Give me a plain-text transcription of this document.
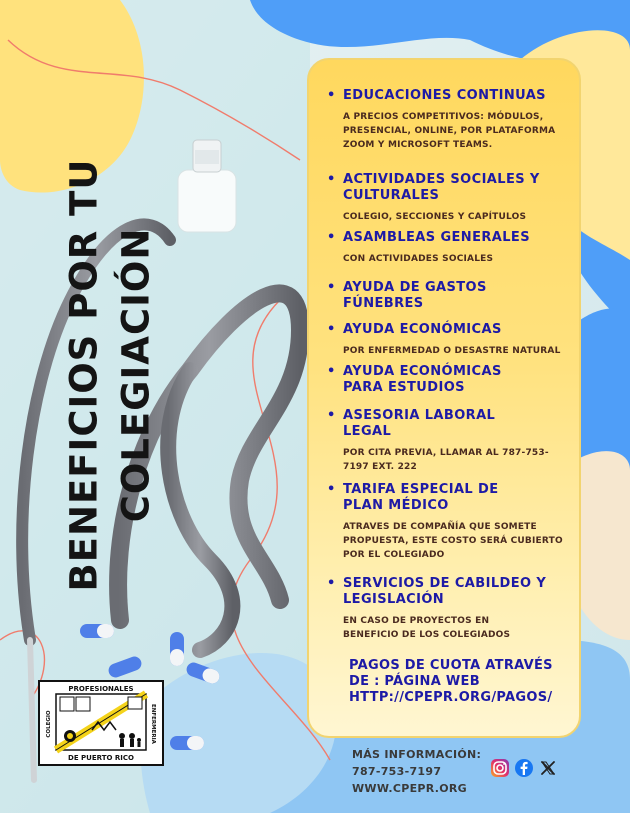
BENEFICIOS POR TU COLEGIACIÓN
PROFESIONALES
DE PUERTO RICO
COLEGIO	ENFERMERIA
• EDUCACIONES CONTINUAS
A PRECIOS COMPETITIVOS: MÓDULOS, PRESENCIAL, ONLINE, POR PLATAFORMA ZOOM Y MICROSOFT TEAMS.
• ACTIVIDADES SOCIALES Y CULTURALES
COLEGIO, SECCIONES Y CAPÍTULOS
• ASAMBLEAS GENERALES
CON ACTIVIDADES SOCIALES
• AYUDA DE GASTOS FÚNEBRES
• AYUDA ECONÓMICAS
POR ENFERMEDAD O DESASTRE NATURAL
• AYUDA ECONÓMICAS PARA ESTUDIOS
• ASESORIA LABORAL LEGAL
POR CITA PREVIA, LLAMAR AL 787-753-7197 EXT. 222
• TARIFA ESPECIAL DE PLAN MÉDICO
ATRAVES DE COMPAÑÍA QUE SOMETE PROPUESTA, ESTE COSTO SERÁ CUBIERTO POR EL COLEGIADO
• SERVICIOS DE CABILDEO Y LEGISLACIÓN
EN CASO DE PROYECTOS EN BENEFICIO DE LOS COLEGIADOS
PAGOS DE CUOTA ATRAVÉS
DE : PÁGINA WEB
HTTP://CPEPR.ORG/PAGOS/
MÁS INFORMACIÓN:
787-753-7197
WWW.CPEPR.ORG
